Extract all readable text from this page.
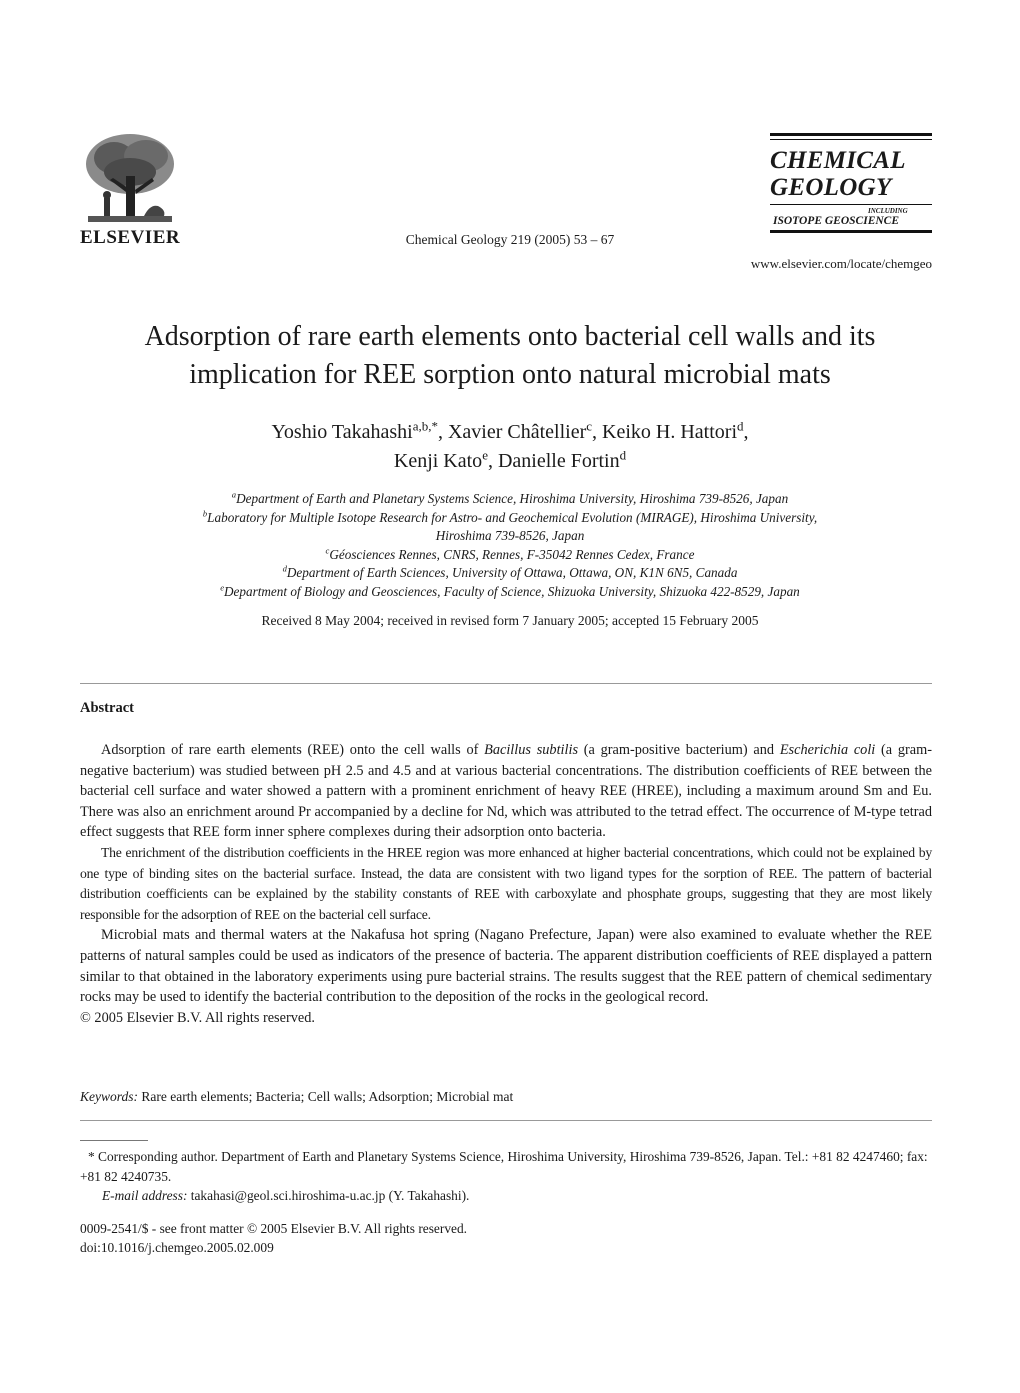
ELSEVIER	Chemical Geology 219 (2005) 53 – 67
CHEMICAL
GEOLOGY
INCLUDING
ISOTOPE GEOSCIENCE
www.elsevier.com/locate/chemgeo
Adsorption of rare earth elements onto bacterial cell walls and its
implication for REE sorption onto natural microbial mats
Yoshio Takahashi$^{a,b,*}$, Xavier Châtellier$^c$, Keiko H. Hattori$^d$,
Kenji Kato$^e$, Danielle Fortin$^d$
$^a$Department of Earth and Planetary Systems Science, Hiroshima University, Hiroshima 739-8526, Japan
$^b$Laboratory for Multiple Isotope Research for Astro- and Geochemical Evolution (MIRAGE), Hiroshima University,
Hiroshima 739-8526, Japan
$^c$Géosciences Rennes, CNRS, Rennes, F-35042 Rennes Cedex, France
$^d$Department of Earth Sciences, University of Ottawa, Ottawa, ON, K1N 6N5, Canada
$^e$Department of Biology and Geosciences, Faculty of Science, Shizuoka University, Shizuoka 422-8529, Japan
Received 8 May 2004; received in revised form 7 January 2005; accepted 15 February 2005
Abstract

Adsorption of rare earth elements (REE) onto the cell walls of Bacillus subtilis (a gram-positive bacterium) and Escherichia coli (a gram-negative bacterium) was studied between pH 2.5 and 4.5 and at various bacterial concentrations. The distribution coefficients of REE between the bacterial cell surface and water showed a pattern with a prominent enrichment of heavy REE (HREE), including a maximum around Sm and Eu. There was also an enrichment around Pr accompanied by a decline for Nd, which was attributed to the tetrad effect. The occurrence of M-type tetrad effect suggests that REE form inner sphere complexes during their adsorption onto bacteria.

The enrichment of the distribution coefficients in the HREE region was more enhanced at higher bacterial concentrations, which could not be explained by one type of binding sites on the bacterial surface. Instead, the data are consistent with two ligand types for the sorption of REE. The pattern of bacterial distribution coefficients can be explained by the stability constants of REE with carboxylate and phosphate groups, suggesting that they are most likely responsible for the adsorption of REE on the bacterial cell surface.

Microbial mats and thermal waters at the Nakafusa hot spring (Nagano Prefecture, Japan) were also examined to evaluate whether the REE patterns of natural samples could be used as indicators of the presence of bacteria. The apparent distribution coefficients of REE displayed a pattern similar to that obtained in the laboratory experiments using pure bacterial strains. The results suggest that the REE pattern of chemical sedimentary rocks may be used to identify the bacterial contribution to the deposition of the rocks in the geological record.

© 2005 Elsevier B.V. All rights reserved.
Keywords: Rare earth elements; Bacteria; Cell walls; Adsorption; Microbial mat

* Corresponding author. Department of Earth and Planetary Systems Science, Hiroshima University, Hiroshima 739-8526, Japan. Tel.: +81 82 4247460; fax: +81 82 4240735.

E-mail address: takahasi@geol.sci.hiroshima-u.ac.jp (Y. Takahashi).

0009-2541/$ - see front matter © 2005 Elsevier B.V. All rights reserved.
doi:10.1016/j.chemgeo.2005.02.009
